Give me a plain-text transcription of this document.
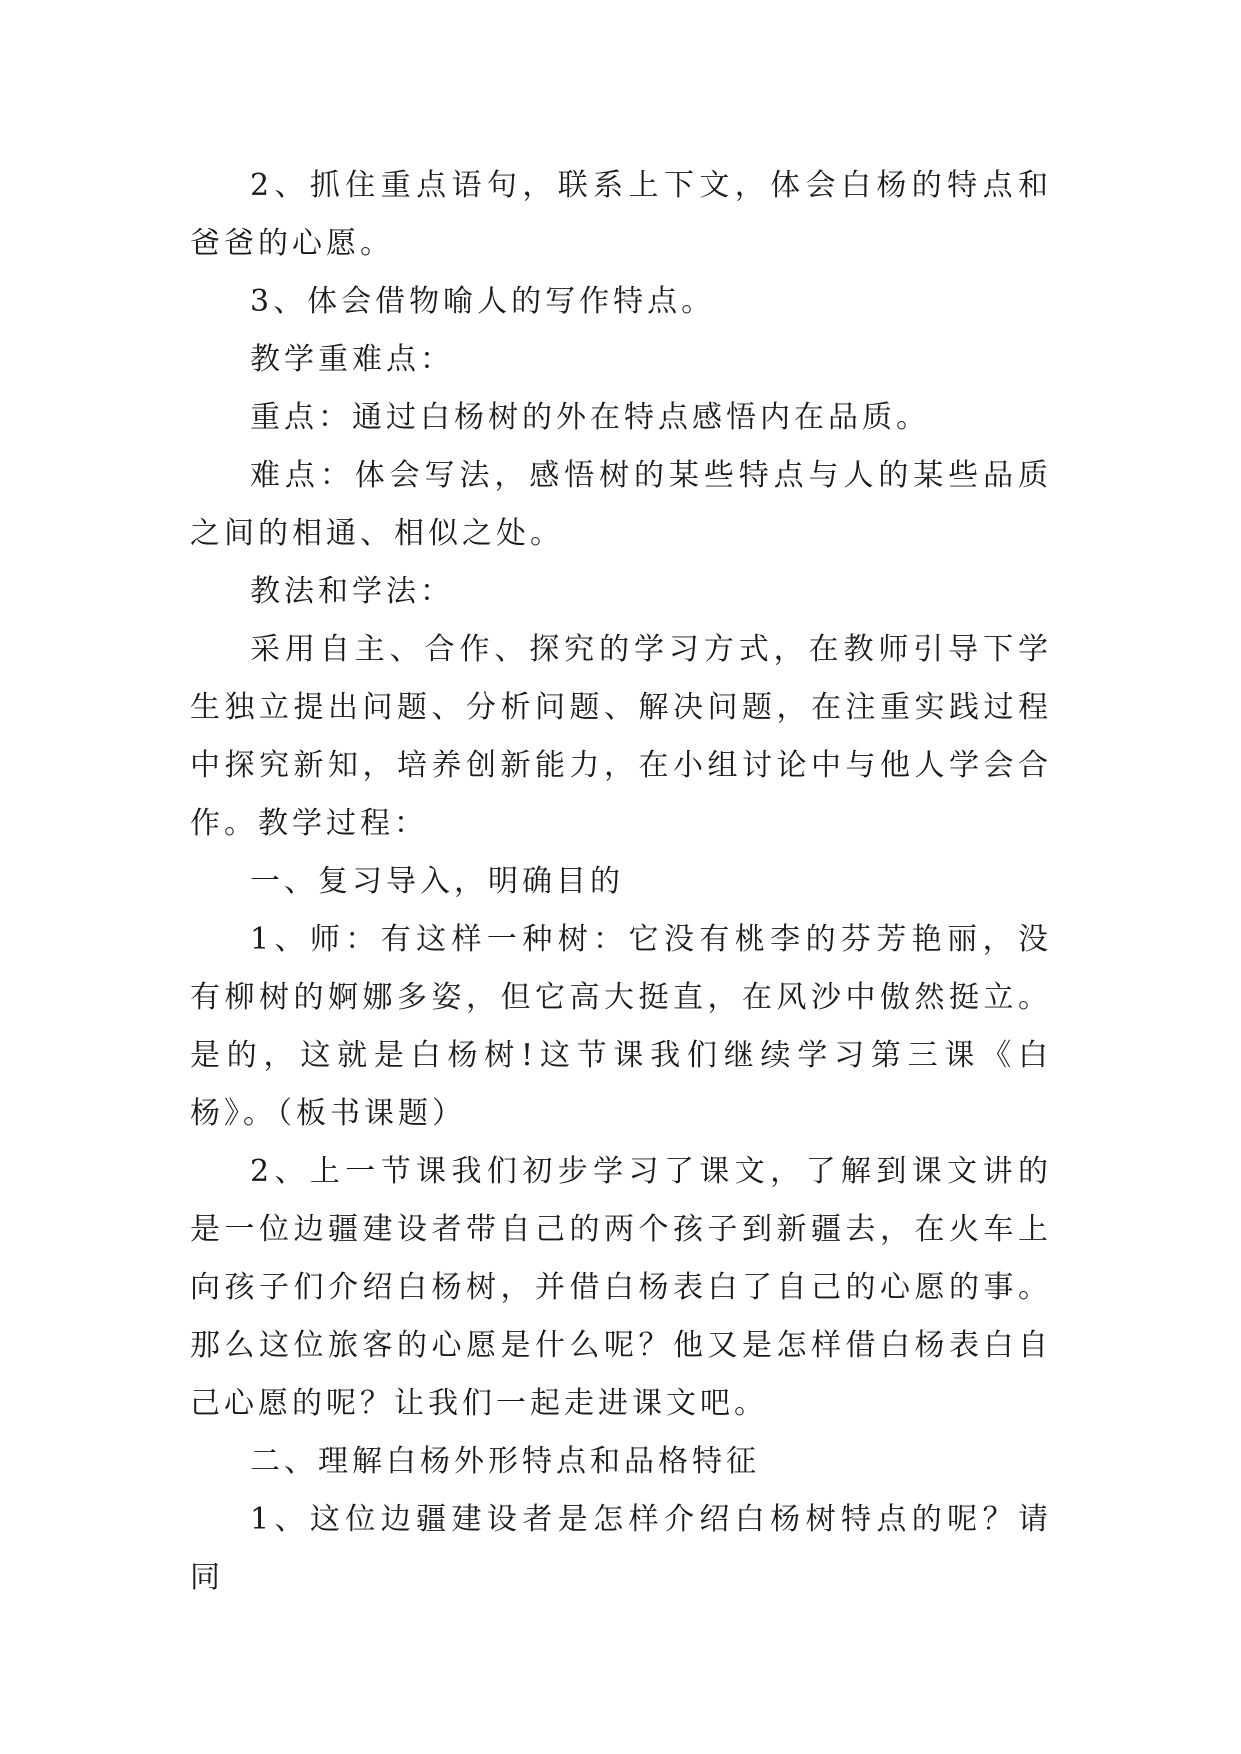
2、抓住重点语句，联系上下文，体会白杨的特点和爸爸的心愿。

3、体会借物喻人的写作特点。

教学重难点：

重点：通过白杨树的外在特点感悟内在品质。

难点：体会写法，感悟树的某些特点与人的某些品质之间的相通、相似之处。

教法和学法：

采用自主、合作、探究的学习方式，在教师引导下学生独立提出问题、分析问题、解决问题，在注重实践过程中探究新知，培养创新能力，在小组讨论中与他人学会合作。教学过程：

一、复习导入，明确目的

1、师：有这样一种树：它没有桃李的芬芳艳丽，没有柳树的婀娜多姿，但它高大挺直，在风沙中傲然挺立。是的，这就是白杨树!这节课我们继续学习第三课《白杨》。（板书课题）

2、上一节课我们初步学习了课文，了解到课文讲的是一位边疆建设者带自己的两个孩子到新疆去，在火车上向孩子们介绍白杨树，并借白杨表白了自己的心愿的事。那么这位旅客的心愿是什么呢？他又是怎样借白杨表白自己心愿的呢？让我们一起走进课文吧。

二、理解白杨外形特点和品格特征

1、这位边疆建设者是怎样介绍白杨树特点的呢？请同
